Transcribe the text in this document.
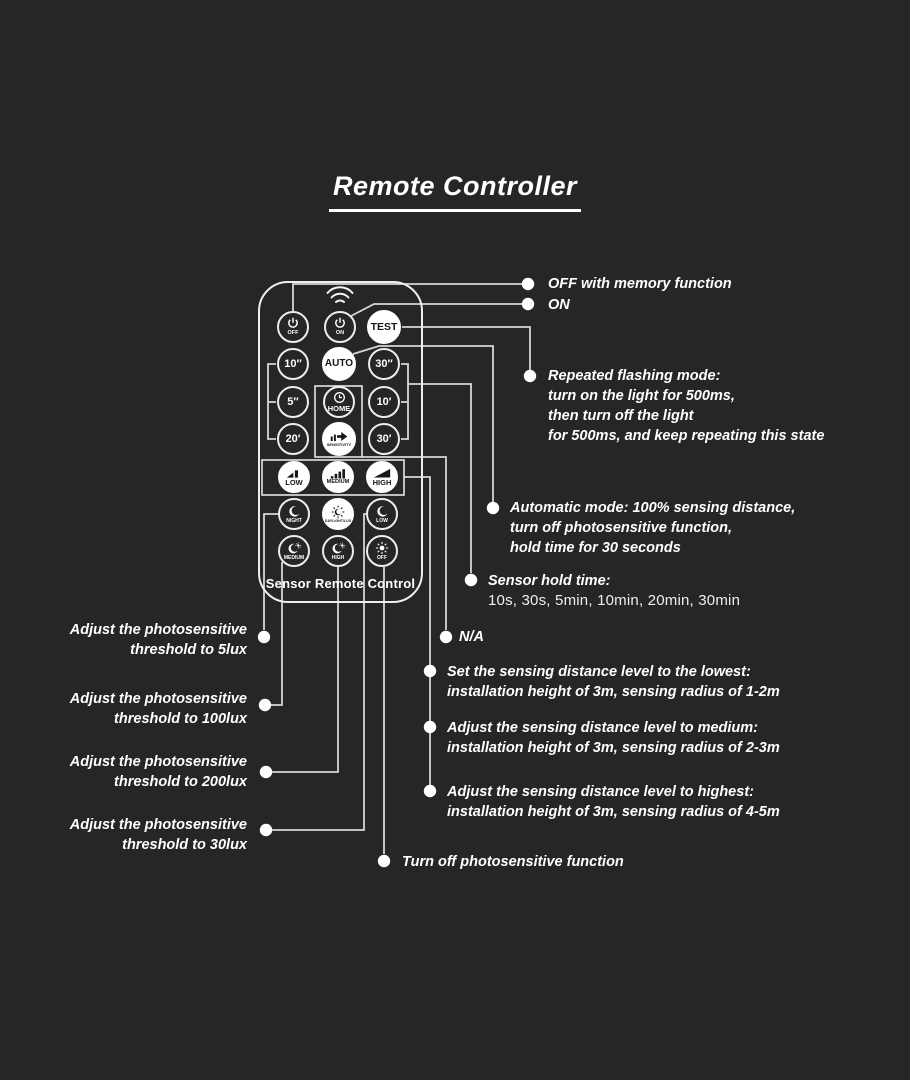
Remote Controller
Sensor Remote Control
OFF	ON
TEST
10″ AUTO 30″
5″
HOME
10′
20′	SENSITIVITY 30′
LOW	MEDIUM	HIGH
NIGHT	DAYLIGHT/LUX	LOW
MEDIUM	HIGH	OFF
OFF with memory function
ON
Repeated flashing mode:
turn on the light for 500ms,
then turn off the light
for 500ms, and keep repeating this state
Automatic mode: 100% sensing distance,
turn off photosensitive function,
hold time for 30 seconds
Sensor hold time:
10s, 30s, 5min, 10min, 20min, 30min
N/A
Set the sensing distance level to the lowest:
installation height of 3m, sensing radius of 1-2m
Adjust the sensing distance level to medium:
installation height of 3m, sensing radius of 2-3m
Adjust the sensing distance level to highest:
installation height of 3m, sensing radius of 4-5m
Turn off photosensitive function
Adjust the photosensitive
threshold to 5lux
Adjust the photosensitive
threshold to 100lux
Adjust the photosensitive
threshold to 200lux
Adjust the photosensitive
threshold to 30lux
